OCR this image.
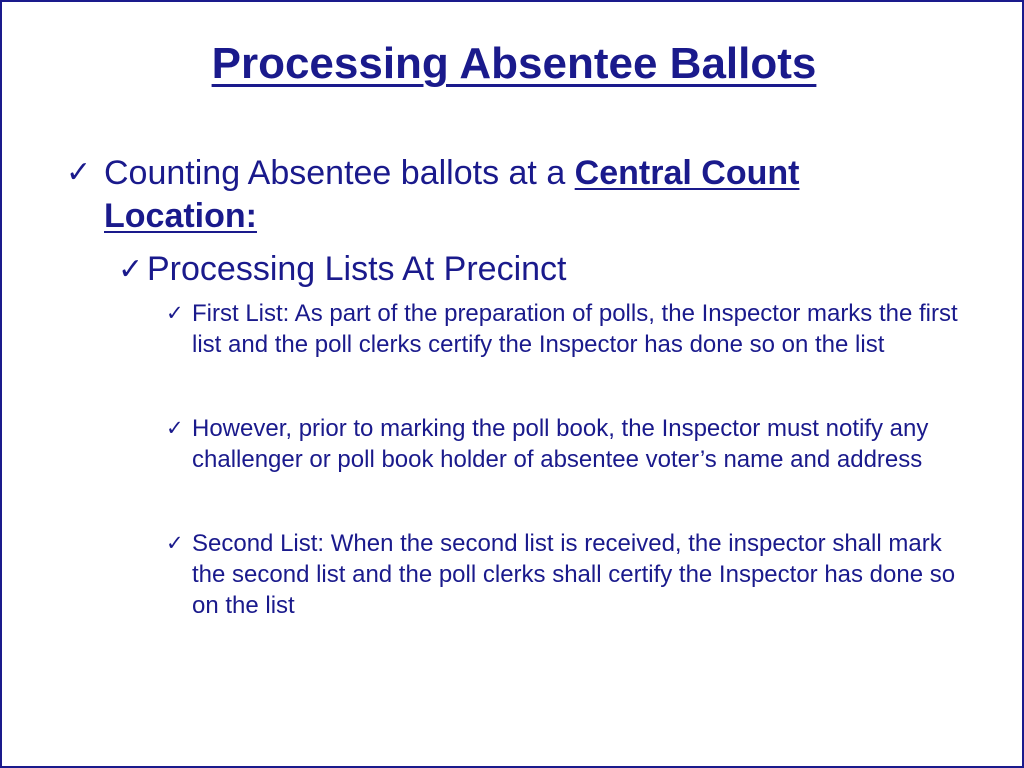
Processing Absentee Ballots
✓ Counting Absentee ballots at a Central Count
Location:
✓ Processing Lists At Precinct
✓ First List: As part of the preparation of polls, the Inspector marks the first list and the poll clerks certify the Inspector has done so on the list
✓ However, prior to marking the poll book, the Inspector must notify any challenger or poll book holder of absentee voter’s name and address
✓ Second List: When the second list is received, the inspector shall mark the second list and the poll clerks shall certify the Inspector has done so on the list
